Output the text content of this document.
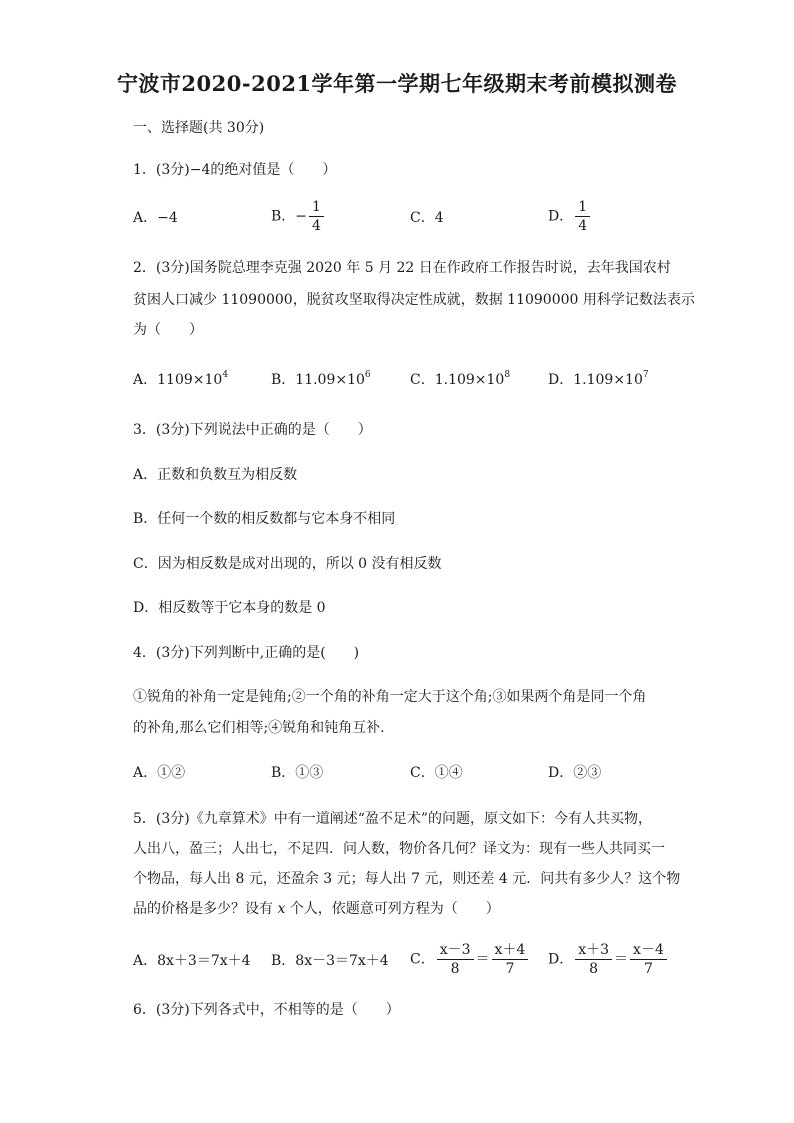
宁波市2020-2021学年第一学期七年级期末考前模拟测卷
一、选择题(共 30分)
1．(3分)−4的绝对值是（　　）
A．−4	B．− $\frac{1}{4}$	C．4	D． $\frac{1}{4}$
2．(3分)国务院总理李克强 2020 年 5 月 22 日在作政府工作报告时说，去年我国农村
贫困人口减少 11090000，脱贫攻坚取得决定性成就，数据 11090000 用科学记数法表示
为（　　）
A．$1109\times 10^4$	B．$11.09\times 10^6$	C．$1.109\times 10^8$	D．$1.109\times 10^7$
3．(3分)下列说法中正确的是（　　）
A．正数和负数互为相反数
B．任何一个数的相反数都与它本身不相同
C．因为相反数是成对出现的，所以 0 没有相反数
D．相反数等于它本身的数是 0
4．(3分)下列判断中,正确的是(　　)
①锐角的补角一定是钝角;②一个角的补角一定大于这个角;③如果两个角是同一个角
的补角,那么它们相等;④锐角和钝角互补.
A．①②	B．①③	C．①④	D．②③
5．(3分)《九章算术》中有一道阐述“盈不足术”的问题，原文如下：今有人共买物，
人出八，盈三；人出七，不足四．问人数，物价各几何？译文为：现有一些人共同买一
个物品，每人出 8 元，还盈余 3 元；每人出 7 元，则还差 4 元．问共有多少人？这个物
品的价格是多少？设有 x 个人，依题意可列方程为（　　）
A．8x＋3＝7x＋4 B．8x－3＝7x＋4 C． $\frac{x-3}{8} = \frac{x+4}{7}$ D． $\frac{x+3}{8} = \frac{x-4}{7}$
6．(3分)下列各式中，不相等的是（　　）
